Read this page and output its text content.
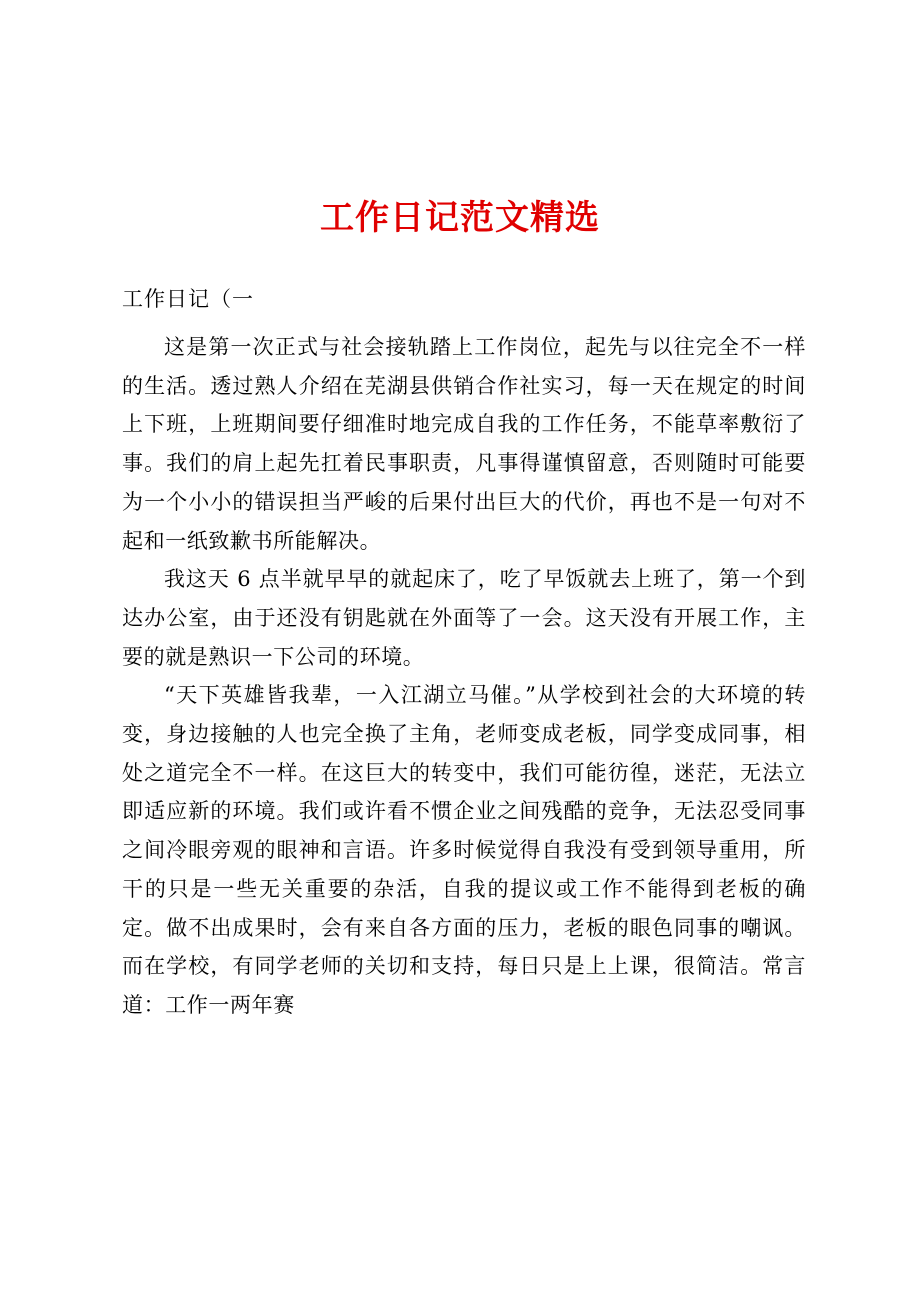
工作日记范文精选
工作日记（一

这是第一次正式与社会接轨踏上工作岗位，起先与以往完全不一样的生活。透过熟人介绍在芜湖县供销合作社实习，每一天在规定的时间上下班，上班期间要仔细准时地完成自我的工作任务，不能草率敷衍了事。我们的肩上起先扛着民事职责，凡事得谨慎留意，否则随时可能要为一个小小的错误担当严峻的后果付出巨大的代价，再也不是一句对不起和一纸致歉书所能解决。

我这天 6 点半就早早的就起床了，吃了早饭就去上班了，第一个到达办公室，由于还没有钥匙就在外面等了一会。这天没有开展工作，主要的就是熟识一下公司的环境。

“天下英雄皆我辈，一入江湖立马催。”从学校到社会的大环境的转变，身边接触的人也完全换了主角，老师变成老板，同学变成同事，相处之道完全不一样。在这巨大的转变中，我们可能彷徨，迷茫，无法立即适应新的环境。我们或许看不惯企业之间残酷的竞争，无法忍受同事之间冷眼旁观的眼神和言语。许多时候觉得自我没有受到领导重用，所干的只是一些无关重要的杂活，自我的提议或工作不能得到老板的确定。做不出成果时，会有来自各方面的压力，老板的眼色同事的嘲讽。而在学校，有同学老师的关切和支持，每日只是上上课，很简洁。常言道：工作一两年赛
